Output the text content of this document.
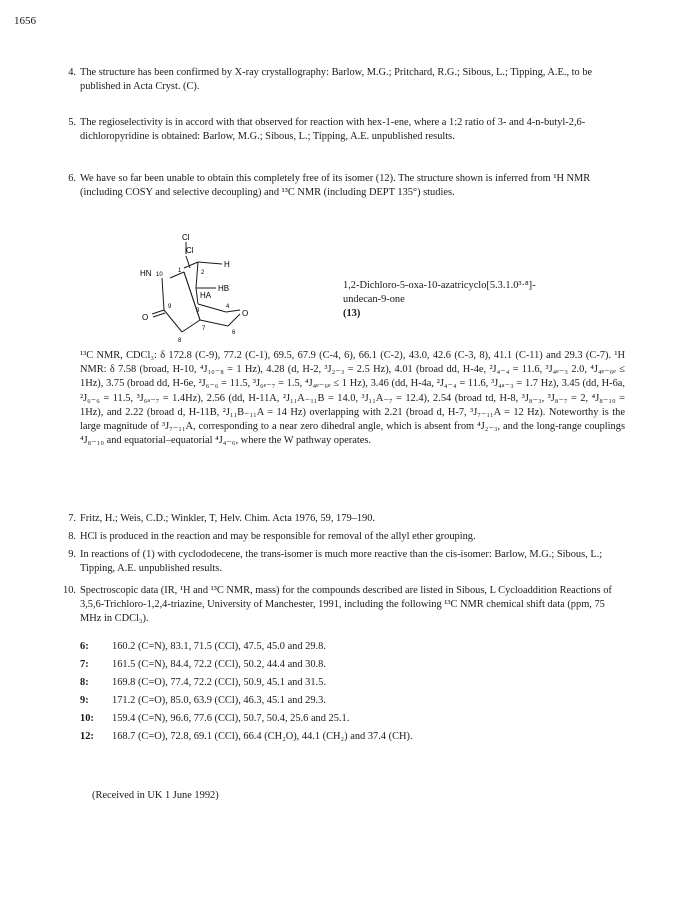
1656
4. The structure has been confirmed by X-ray crystallography: Barlow, M.G.; Pritchard, R.G.; Sibous, L.; Tipping, A.E., to be published in Acta Cryst. (C).
5. The regioselectivity is in accord with that observed for reaction with hex-1-ene, where a 1:2 ratio of 3- and 4-n-butyl-2,6-dichloropyridine is obtained: Barlow, M.G.; Sibous, L.; Tipping, A.E. unpublished results.
6. We have so far been unable to obtain this completely free of its isomer (12). The structure shown is inferred from ¹H NMR (including COSY and selective decoupling) and ¹³C NMR (including DEPT 135°) studies.
Cl
Cl
H
HN 10
1	2
HB
HA
3
4
O
9
O
8
7
6
1,2-Dichloro-5-oxa-10-azatricyclo[5.3.1.0³·⁸]-
undecan-9-one
(13)

¹³C NMR, CDCl₃: δ 172.8 (C-9), 77.2 (C-1), 69.5, 67.9 (C-4, 6), 66.1 (C-2), 43.0, 42.6 (C-3, 8), 41.1 (C-11) and 29.3 (C-7). ¹H NMR: δ 7.58 (broad, H-10, ⁴J₁₀₋₈ = 1 Hz), 4.28 (d, H-2, ³J₂₋₃ = 2.5 Hz), 4.01 (broad dd, H-4e, ²J₄₋₄ = 11.6, ³J₄ₑ₋₃ 2.0, ⁴J₄ₑ₋₆ₑ ≤ 1Hz), 3.75 (broad dd, H-6e, ²J₆₋₆ = 11.5, ³J₆ₑ₋₇ = 1.5, ⁴J₄ₑ₋₆ₑ ≤ 1 Hz), 3.46 (dd, H-4a, ²J₄₋₄ = 11.6, ³J₄ₐ₋₃ = 1.7 Hz), 3.45 (dd, H-6a, ²J₆₋₆ = 11.5, ³J₆ₐ₋₇ = 1.4Hz), 2.56 (dd, H-11A, ²J₁₁A₋₁₁B = 14.0, ³J₁₁A₋₇ = 12.4), 2.54 (broad td, H-8, ³J₈₋₃, ³J₈₋₇ = 2, ⁴J₈₋₁₀ = 1Hz), and 2.22 (broad d, H-11B, ²J₁₁B₋₁₁A = 14 Hz) overlapping with 2.21 (broad d, H-7, ³J₇₋₁₁A = 12 Hz). Noteworthy is the large magnitude of ³J₇₋₁₁A, corresponding to a near zero dihedral angle, which is absent from ⁴J₂₋₃, and the long-range couplings ⁴J₈₋₁₀ and equatorial–equatorial ⁴J₄₋₆, where the W pathway operates.

7. Fritz, H.; Weis, C.D.; Winkler, T, Helv. Chim. Acta 1976, 59, 179–190.
8. HCl is produced in the reaction and may be responsible for removal of the allyl ether grouping.
9. In reactions of (1) with cyclododecene, the trans-isomer is much more reactive than the cis-isomer: Barlow, M.G.; Sibous, L.; Tipping, A.E. unpublished results.
10. Spectroscopic data (IR, ¹H and ¹³C NMR, mass) for the compounds described are listed in Sibous, L Cycloaddition Reactions of 3,5,6-Trichloro-1,2,4-triazine, University of Manchester, 1991, including the following ¹³C NMR chemical shift data (ppm, 75 MHz in CDCl₃).
6: 160.2 (C=N), 83.1, 71.5 (CCl), 47.5, 45.0 and 29.8.
7: 161.5 (C=N), 84.4, 72.2 (CCl), 50.2, 44.4 and 30.8.
8: 169.8 (C=O), 77.4, 72.2 (CCl), 50.9, 45.1 and 31.5.
9: 171.2 (C=O), 85.0, 63.9 (CCl), 46.3, 45.1 and 29.3.
10: 159.4 (C=N), 96.6, 77.6 (CCl), 50.7, 50.4, 25.6 and 25.1.
12: 168.7 (C=O), 72.8, 69.1 (CCl), 66.4 (CH₂O), 44.1 (CH₂) and 37.4 (CH).
(Received in UK 1 June 1992)
